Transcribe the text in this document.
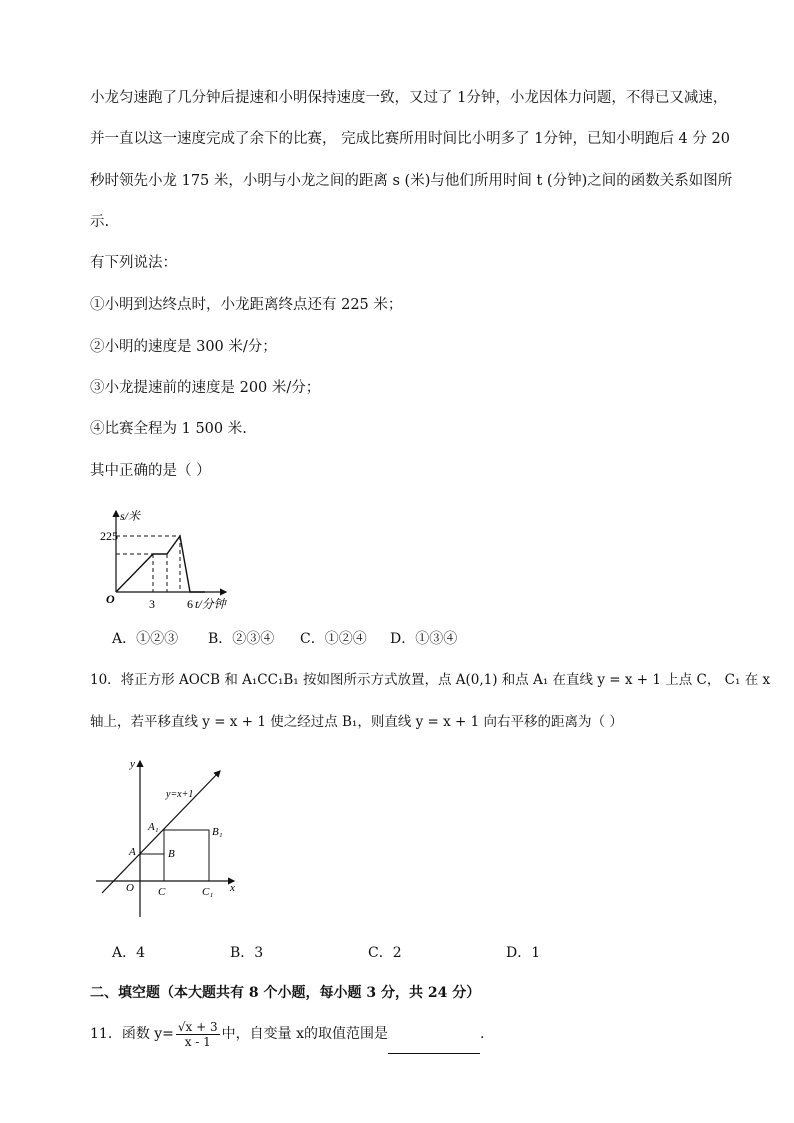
小龙匀速跑了几分钟后提速和小明保持速度一致，又过了 1分钟，小龙因体力问题，不得已又减速，
并一直以这一速度完成了余下的比赛， 完成比赛所用时间比小明多了 1分钟，已知小明跑后 4 分 20
秒时领先小龙 175 米，小明与小龙之间的距离 s (米)与他们所用时间 t (分钟)之间的函数关系如图所
示.
有下列说法：
①小明到达终点时，小龙距离终点还有 225 米；
②小明的速度是 300 米/分；
③小龙提速前的速度是 200 米/分；
④比赛全程为 1 500 米.
其中正确的是（ ）
s/米
225
O	3	6 t/分钟
A．①②③ B．②③④ C．①②④ D．①③④
10．将正方形 AOCB 和 A₁CC₁B₁ 按如图所示方式放置，点 A(0,1) 和点 A₁ 在直线 y = x + 1 上点 C， C₁ 在 x
轴上，若平移直线 y = x + 1 使之经过点 B₁，则直线 y = x + 1 向右平移的距离为（ ）
y
x
y=x+1
A₁	B₁
A	B
O C	C₁
A．4	B．3	C．2	D．1
二、填空题（本大题共有 8 个小题，每小题 3 分，共 24 分）
11．函数 $y= \frac{√x + 3}{x - 1}$ 中，自变量 x的取值范围是	.
